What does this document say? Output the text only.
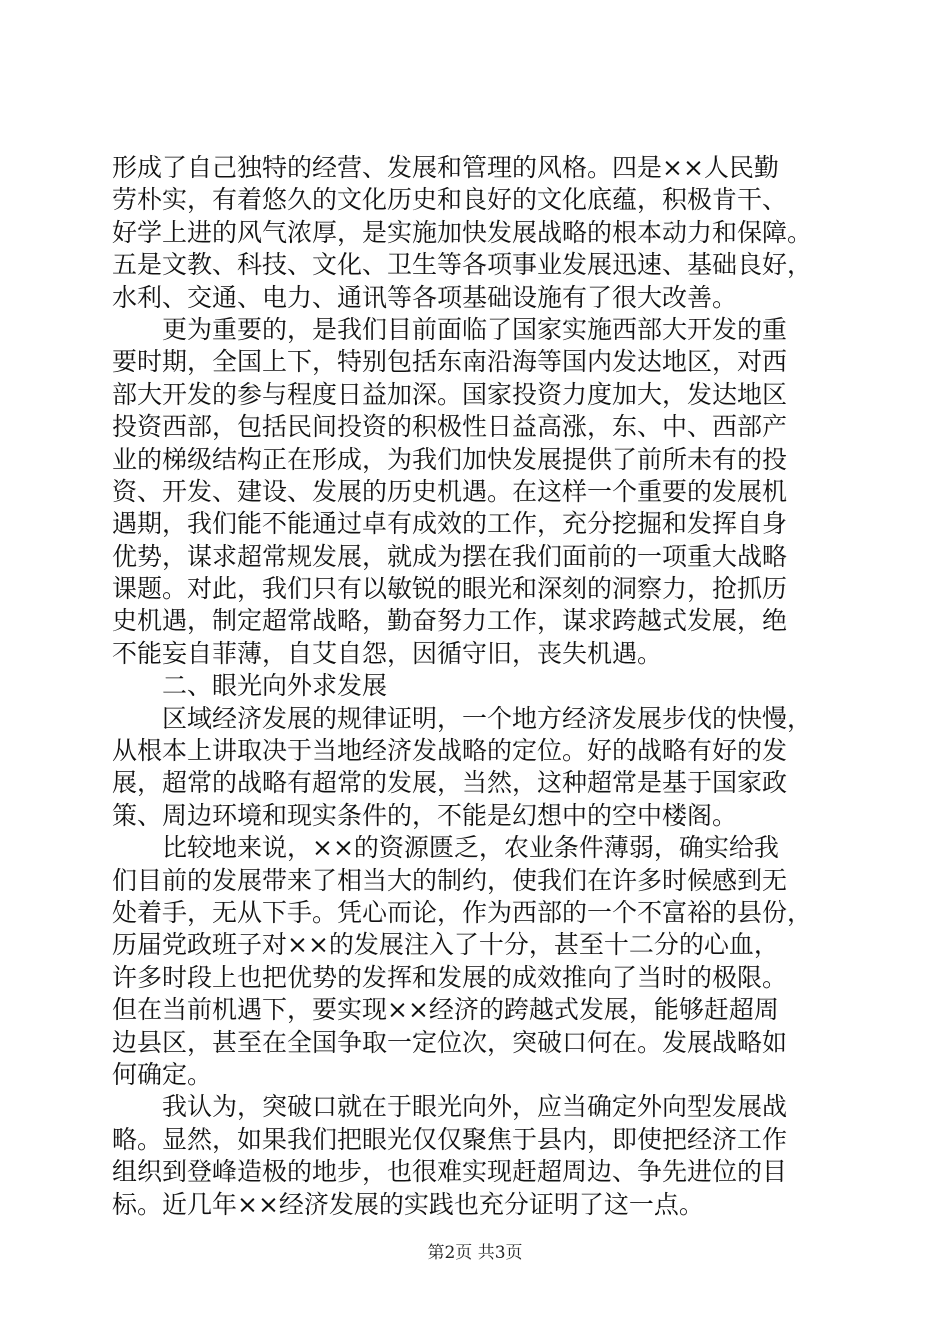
形成了自己独特的经营、发展和管理的风格。四是××人民勤
劳朴实，有着悠久的文化历史和良好的文化底蕴，积极肯干、
好学上进的风气浓厚，是实施加快发展战略的根本动力和保障。
五是文教、科技、文化、卫生等各项事业发展迅速、基础良好，
水利、交通、电力、通讯等各项基础设施有了很大改善。
　　更为重要的，是我们目前面临了国家实施西部大开发的重
要时期，全国上下，特别包括东南沿海等国内发达地区，对西
部大开发的参与程度日益加深。国家投资力度加大，发达地区
投资西部，包括民间投资的积极性日益高涨，东、中、西部产
业的梯级结构正在形成，为我们加快发展提供了前所未有的投
资、开发、建设、发展的历史机遇。在这样一个重要的发展机
遇期，我们能不能通过卓有成效的工作，充分挖掘和发挥自身
优势，谋求超常规发展，就成为摆在我们面前的一项重大战略
课题。对此，我们只有以敏锐的眼光和深刻的洞察力，抢抓历
史机遇，制定超常战略，勤奋努力工作，谋求跨越式发展，绝
不能妄自菲薄，自艾自怨，因循守旧，丧失机遇。
　　二、眼光向外求发展
　　区域经济发展的规律证明，一个地方经济发展步伐的快慢，
从根本上讲取决于当地经济发战略的定位。好的战略有好的发
展，超常的战略有超常的发展，当然，这种超常是基于国家政
策、周边环境和现实条件的，不能是幻想中的空中楼阁。
　　比较地来说，××的资源匮乏，农业条件薄弱，确实给我
们目前的发展带来了相当大的制约，使我们在许多时候感到无
处着手，无从下手。凭心而论，作为西部的一个不富裕的县份，
历届党政班子对××的发展注入了十分，甚至十二分的心血，
许多时段上也把优势的发挥和发展的成效推向了当时的极限。
但在当前机遇下，要实现××经济的跨越式发展，能够赶超周
边县区，甚至在全国争取一定位次，突破口何在。发展战略如
何确定。
　　我认为，突破口就在于眼光向外，应当确定外向型发展战
略。显然，如果我们把眼光仅仅聚焦于县内，即使把经济工作
组织到登峰造极的地步，也很难实现赶超周边、争先进位的目
标。近几年××经济发展的实践也充分证明了这一点。
第2页 共3页
